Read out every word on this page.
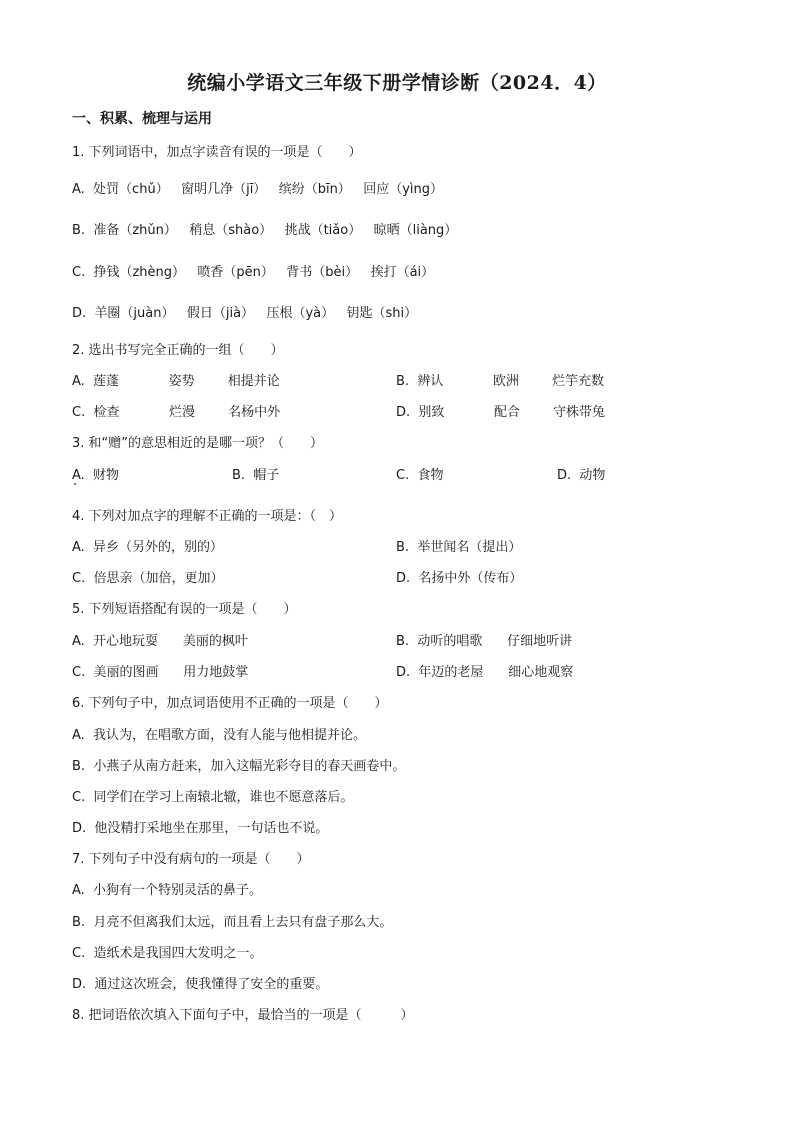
统编小学语文三年级下册学情诊断（2024．4）
一、积累、梳理与运用
1. 下列词语中，加点字读音有误的一项是（　　）
A.  处罚（chǔ）   窗明几净（jī）   缤纷（bīn）   回应（yìng）
B.  准备（zhǔn）   稍息（shào）   挑战（tiǎo）   晾晒（liàng）
C.  挣钱（zhèng）   喷香（pēn）   背书（bèi）   挨打（ái）
D.  羊圈（juàn）   假日（jià）   压根（yà）   钥匙（shi）
2. 选出书写完全正确的一组（　　）
A.  莲蓬            姿势        相提并论	B.  辨认            欧洲        烂竽充数
C.  检查            烂漫        名杨中外	D.  别致            配合        守株带兔
3. 和“赠”的意思相近的是哪一项？（　　）
A.  财物	B.  帽子	C.  食物	D.  动物
4. 下列对加点字的理解不正确的一项是：（　）
A.  异乡（另外的，别的）	B.  举世闻名（提出）
C.  倍思亲（加倍，更加）	D.  名扬中外（传布）
5. 下列短语搭配有误的一项是（　　）
A.  开心地玩耍      美丽的枫叶	B.  动听的唱歌      仔细地听讲
C.  美丽的图画      用力地鼓掌	D.  年迈的老屋      细心地观察
6. 下列句子中，加点词语使用不正确的一项是（　　）
A.  我认为，在唱歌方面，没有人能与他相提并论。
B.  小燕子从南方赶来，加入这幅光彩夺目的春天画卷中。
C.  同学们在学习上南辕北辙，谁也不愿意落后。
D.  他没精打采地坐在那里，一句话也不说。
7. 下列句子中没有病句的一项是（　　）
A.  小狗有一个特别灵活的鼻子。
B.  月亮不但离我们太远，而且看上去只有盘子那么大。
C.  造纸术是我国四大发明之一。
D.  通过这次班会，使我懂得了安全的重要。
8. 把词语依次填入下面句子中，最恰当的一项是（　　　）
